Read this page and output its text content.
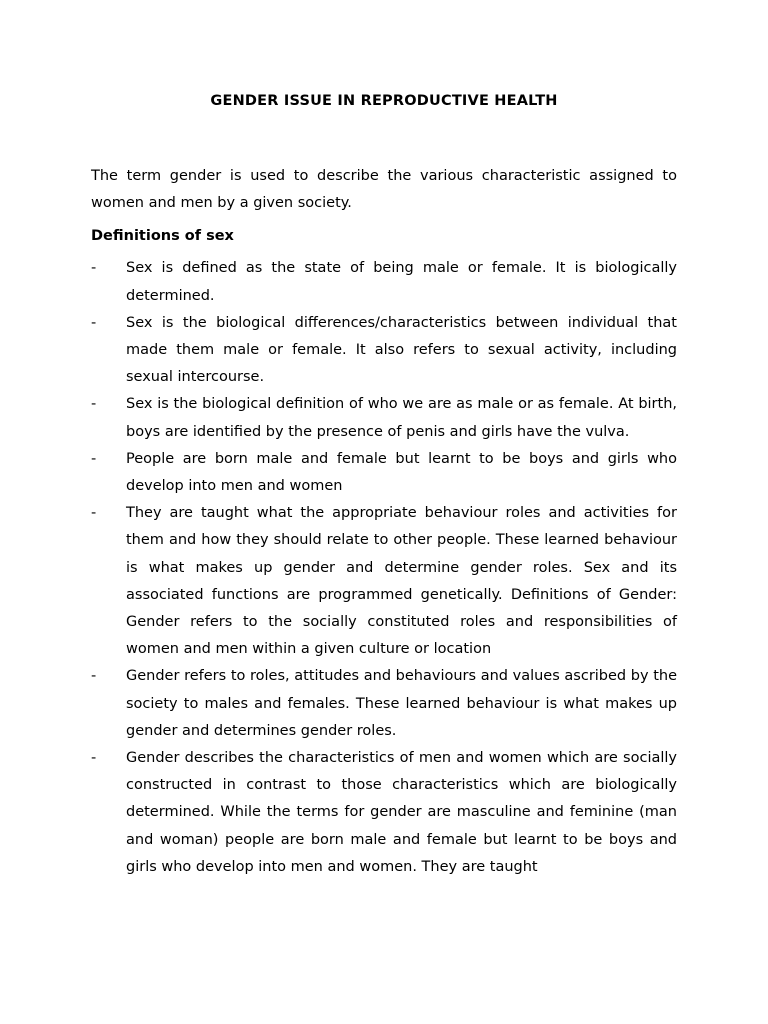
GENDER ISSUE IN REPRODUCTIVE HEALTH

The term gender is used to describe the various characteristic assigned to women and men by a given society.

Definitions of sex
- Sex is defined as the state of being male or female. It is biologically determined.
- Sex is the biological differences/characteristics between individual that made them male or female. It also refers to sexual activity, including sexual intercourse.
- Sex is the biological definition of who we are as male or as female. At birth, boys are identified by the presence of penis and girls have the vulva.
- People are born male and female but learnt to be boys and girls who develop into men and women
- They are taught what the appropriate behaviour roles and activities for them and how they should relate to other people. These learned behaviour is what makes up gender and determine gender roles. Sex and its associated functions are programmed genetically. Definitions of Gender: Gender refers to the socially constituted roles and responsibilities of women and men within a given culture or location
- Gender refers to roles, attitudes and behaviours and values ascribed by the society to males and females. These learned behaviour is what makes up gender and determines gender roles.
- Gender describes the characteristics of men and women which are socially constructed in contrast to those characteristics which are biologically determined. While the terms for gender are masculine and feminine (man and woman) people are born male and female but learnt to be boys and girls who develop into men and women. They are taught
